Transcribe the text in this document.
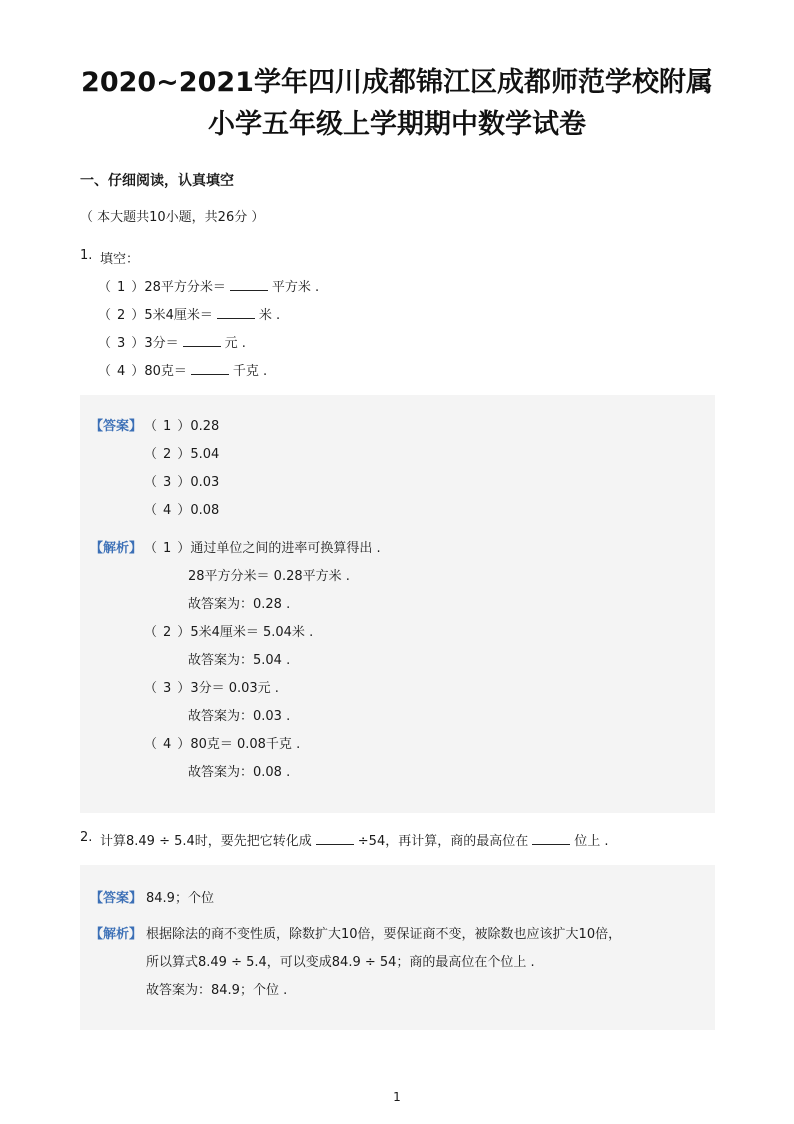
2020~2021学年四川成都锦江区成都师范学校附属
小学五年级上学期期中数学试卷
一、仔细阅读，认真填空
（ 本大题共10小题，共26分 ）
1. 填空：
（ 1 ）28平方分米＝	平方米 .
（ 2 ）5米4厘米＝	米 .
（ 3 ）3分＝	元 .
（ 4 ）80克＝	千克 .
【答案】 （ 1 ）0.28
（ 2 ）5.04
（ 3 ）0.03
（ 4 ）0.08
【解析】 （ 1 ）通过单位之间的进率可换算得出 .
28平方分米＝ 0.28平方米 .
故答案为：0.28 .
（ 2 ）5米4厘米＝ 5.04米 .
故答案为：5.04 .
（ 3 ）3分＝ 0.03元 .
故答案为：0.03 .
（ 4 ）80克＝ 0.08千克 .
故答案为：0.08 .
2. 计算8.49 ÷ 5.4时，要先把它转化成	÷54，再计算，商的最高位在	位上 .
【答案】 84.9；个位
【解析】 根据除法的商不变性质，除数扩大10倍，要保证商不变，被除数也应该扩大10倍，
所以算式8.49 ÷ 5.4，可以变成84.9 ÷ 54；商的最高位在个位上 .
故答案为：84.9；个位 .
1
